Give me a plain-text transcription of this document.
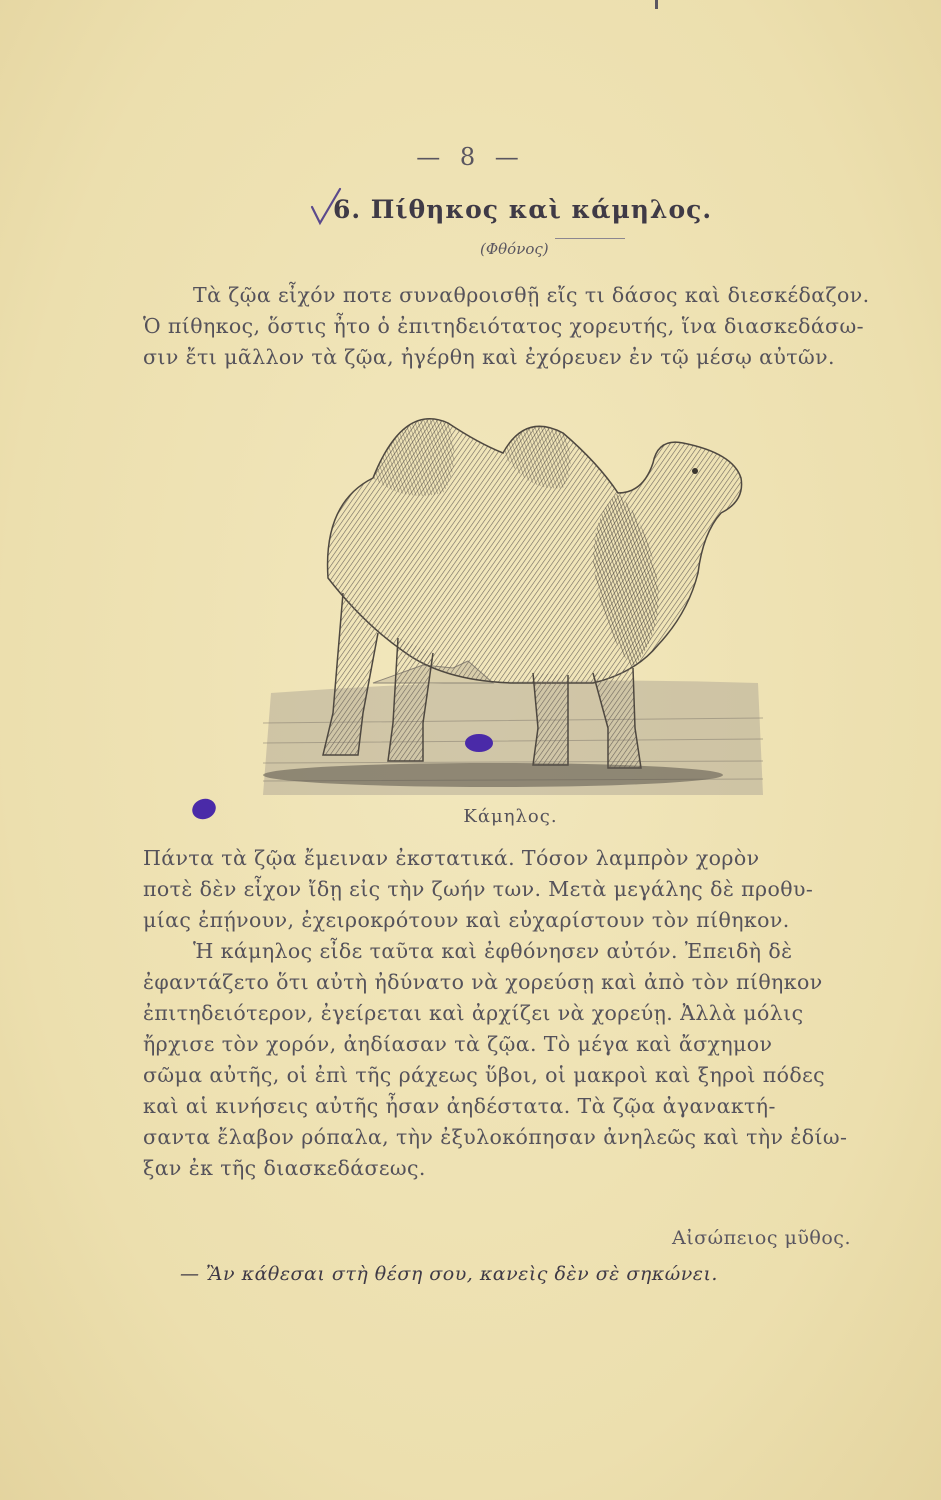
— 8 —
6. Πίθηκος καὶ κάμηλος.
(Φθόνος)
Τὰ ζῷα εἶχόν ποτε συναθροισθῇ εἴς τι δάσος καὶ διεσκέδαζον.
Ὁ πίθηκος, ὅστις ἦτο ὁ ἐπιτηδειότατος χορευτής, ἵνα διασκεδάσω-
σιν ἔτι μᾶλλον τὰ ζῷα, ἠγέρθη καὶ ἐχόρευεν ἐν τῷ μέσῳ αὐτῶν.
Κάμηλος.
Πάντα τὰ ζῷα ἔμειναν ἐκστατικά. Τόσον λαμπρὸν χορὸν
ποτὲ δὲν εἶχον ἴδῃ εἰς τὴν ζωήν των. Μετὰ μεγάλης δὲ προθυ-
μίας ἐπῄνουν, ἐχειροκρότουν καὶ εὐχαρίστουν τὸν πίθηκον.
Ἡ κάμηλος εἶδε ταῦτα καὶ ἐφθόνησεν αὐτόν. Ἐπειδὴ δὲ
ἐφαντάζετο ὅτι αὐτὴ ἠδύνατο νὰ χορεύσῃ καὶ ἀπὸ τὸν πίθηκον
ἐπιτηδειότερον, ἐγείρεται καὶ ἀρχίζει νὰ χορεύῃ. Ἀλλὰ μόλις
ἤρχισε τὸν χορόν, ἀηδίασαν τὰ ζῷα. Τὸ μέγα καὶ ἄσχημον
σῶμα αὐτῆς, οἱ ἐπὶ τῆς ράχεως ὕβοι, οἱ μακροὶ καὶ ξηροὶ πόδες
καὶ αἱ κινήσεις αὐτῆς ἦσαν ἀηδέστατα. Τὰ ζῷα ἀγανακτή-
σαντα ἔλαβον ρόπαλα, τὴν ἐξυλοκόπησαν ἀνηλεῶς καὶ τὴν ἐδίω-
ξαν ἐκ τῆς διασκεδάσεως.
Αἰσώπειος μῦθος.
— Ἂν κάθεσαι στὴ θέση σου, κανεὶς δὲν σὲ σηκώνει.
